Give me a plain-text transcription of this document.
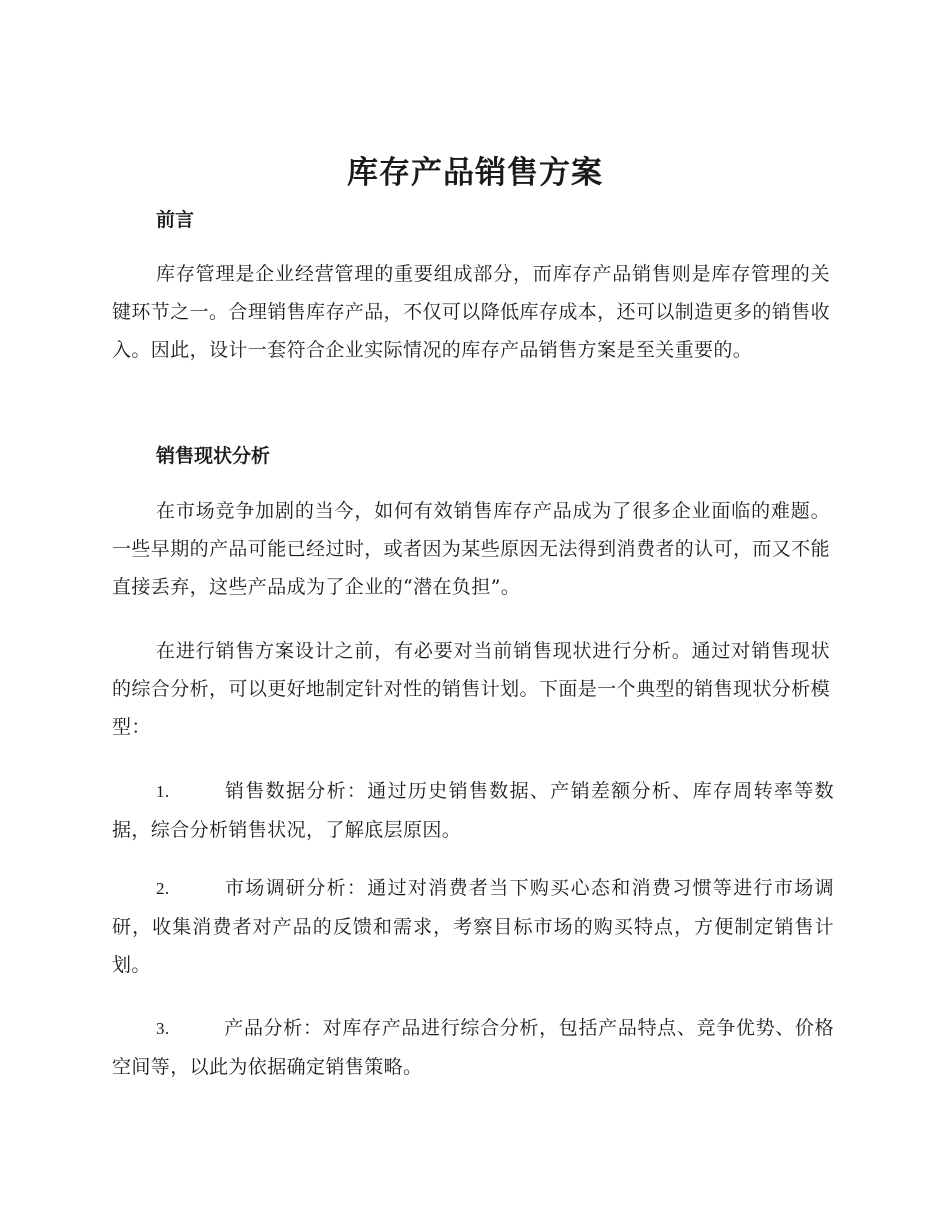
库存产品销售方案
前言

库存管理是企业经营管理的重要组成部分，而库存产品销售则是库存管理的关键环节之一。合理销售库存产品，不仅可以降低库存成本，还可以制造更多的销售收入。因此，设计一套符合企业实际情况的库存产品销售方案是至关重要的。

销售现状分析

在市场竞争加剧的当今，如何有效销售库存产品成为了很多企业面临的难题。一些早期的产品可能已经过时，或者因为某些原因无法得到消费者的认可，而又不能直接丢弃，这些产品成为了企业的“潜在负担”。

在进行销售方案设计之前，有必要对当前销售现状进行分析。通过对销售现状的综合分析，可以更好地制定针对性的销售计划。下面是一个典型的销售现状分析模型：

1.	销售数据分析：通过历史销售数据、产销差额分析、库存周转率等数据，综合分析销售状况，了解底层原因。

2.	市场调研分析：通过对消费者当下购买心态和消费习惯等进行市场调研，收集消费者对产品的反馈和需求，考察目标市场的购买特点，方便制定销售计划。

3.	产品分析：对库存产品进行综合分析，包括产品特点、竞争优势、价格空间等，以此为依据确定销售策略。
